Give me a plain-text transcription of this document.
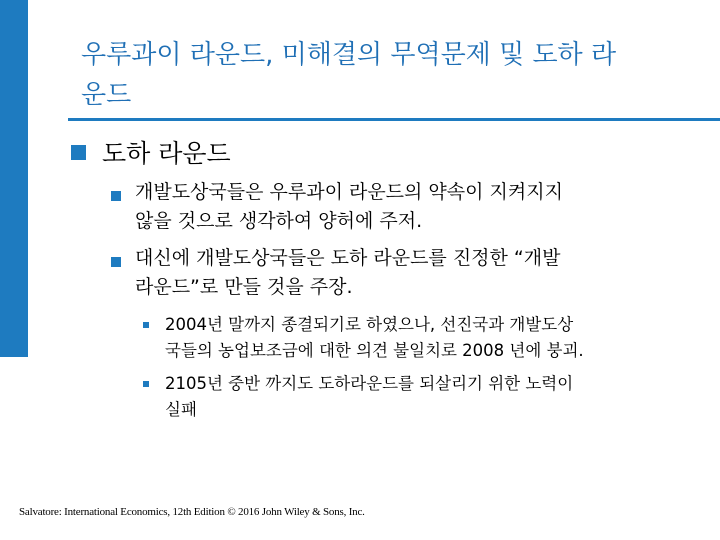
우루과이 라운드, 미해결의 무역문제 및 도하 라
운드
도하 라운드
개발도상국들은 우루과이 라운드의 약속이 지켜지지
않을 것으로 생각하여 양허에 주저.
대신에 개발도상국들은 도하 라운드를 진정한 “개발
라운드”로 만들 것을 주장.
2004년 말까지 종결되기로 하였으나, 선진국과 개발도상
국들의 농업보조금에 대한 의견 불일치로 2008 년에 붕괴.
2105년 중반 까지도 도하라운드를 되살리기 위한 노력이
실패
Salvatore: International Economics, 12th Edition © 2016 John Wiley & Sons, Inc.
